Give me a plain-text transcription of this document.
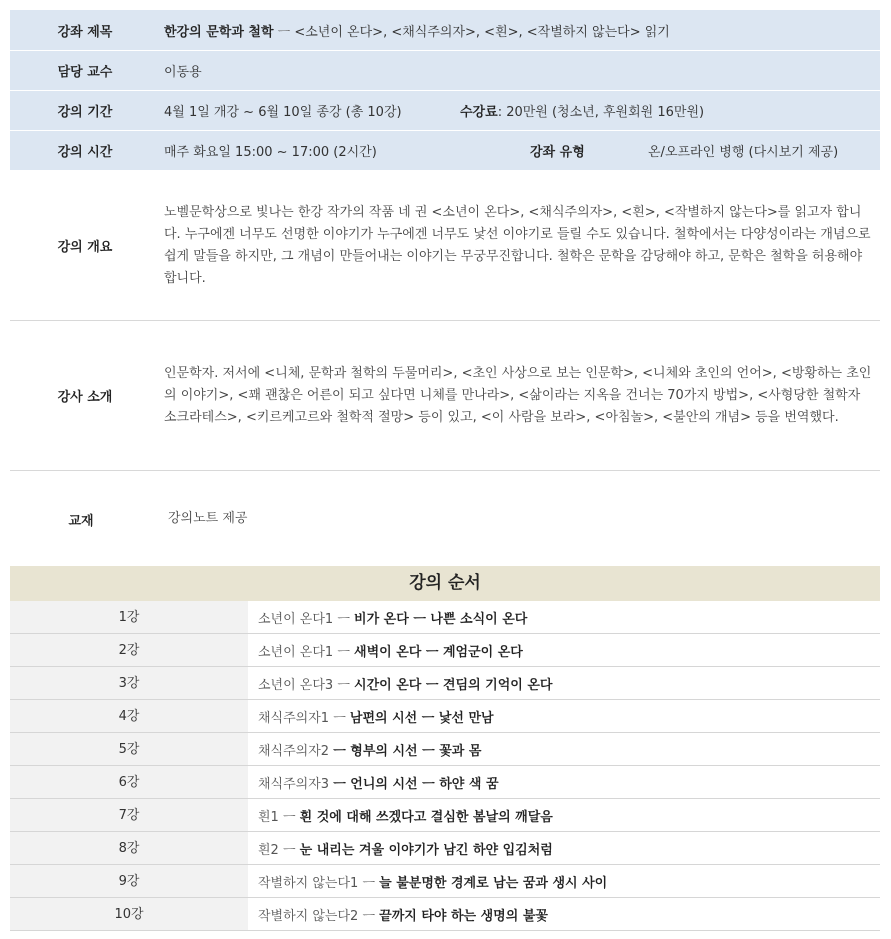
강좌 제목	한강의 문학과 철학 ㅡ <소년이 온다>, <채식주의자>, <흰>, <작별하지 않는다> 읽기
담당 교수	이동용
강의 기간	4월 1일 개강 ~ 6월 10일 종강 (총 10강)	수강료: 20만원 (청소년, 후원회원 16만원)
강의 시간	매주 화요일 15:00 ~ 17:00 (2시간)	강좌 유형	온/오프라인 병행 (다시보기 제공)
강의 개요
노벨문학상으로 빛나는 한강 작가의 작품 네 권 <소년이 온다>, <채식주의자>, <흰>, <작별하지 않는다>를 읽고자 합니다. 누구에겐 너무도 선명한 이야기가 누구에겐 너무도 낯선 이야기로 들릴 수도 있습니다. 철학에서는 다양성이라는 개념으로 쉽게 말들을 하지만, 그 개념이 만들어내는 이야기는 무궁무진합니다. 철학은 문학을 감당해야 하고, 문학은 철학을 허용해야 합니다.
강사 소개
인문학자. 저서에 <니체, 문학과 철학의 두물머리>, <초인 사상으로 보는 인문학>, <니체와 초인의 언어>, <방황하는 초인의 이야기>, <꽤 괜찮은 어른이 되고 싶다면 니체를 만나라>, <삶이라는 지옥을 건너는 70가지 방법>, <사형당한 철학자 소크라테스>, <키르케고르와 철학적 절망> 등이 있고, <이 사람을 보라>, <아침놀>, <불안의 개념> 등을 번역했다.
교재	강의노트 제공
강의 순서
1강	소년이 온다1 ㅡ 비가 온다 ㅡ 나쁜 소식이 온다
2강	소년이 온다1 ㅡ 새벽이 온다 ㅡ 계엄군이 온다
3강	소년이 온다3 ㅡ 시간이 온다 ㅡ 견딤의 기억이 온다
4강	채식주의자1 ㅡ 남편의 시선 ㅡ 낯선 만남
5강	채식주의자2 ㅡ 형부의 시선 ㅡ 꽃과 몸
6강	채식주의자3 ㅡ 언니의 시선 ㅡ 하얀 색 꿈
7강	흰1 ㅡ 흰 것에 대해 쓰겠다고 결심한 봄날의 깨달음
8강	흰2 ㅡ 눈 내리는 겨울 이야기가 남긴 하얀 입김처럼
9강	작별하지 않는다1 ㅡ 늘 불분명한 경계로 남는 꿈과 생시 사이
10강	작별하지 않는다2 ㅡ 끝까지 타야 하는 생명의 불꽃
